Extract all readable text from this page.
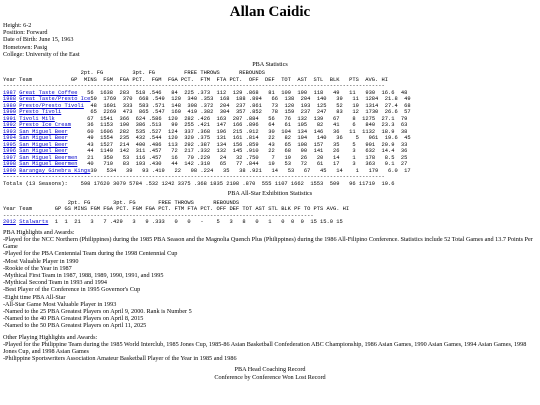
Allan Caidic
Height: 6-2
Position: Forward
Date of Birth: June 15, 1963
Hometown: Pasig
College: University of the East
PBA Statistics
2pt. FG         3pt. FG         FREE THROWS      REBOUNDS
Year Team            GP  MINS  FGM  FGA PCT.  FGM  FGA PCT.  FTM  FTA PCT.  OFF  DEF  TOT  AST  STL  BLK   PTS  AVG. HI
----------------------------------------------------------------------------------------------------------------------
1987 Great Taste Coffee   56  1638  283  518 .546   84  225 .373  112  129 .868   81  109  190  118   49   11   930  16.6  48
1988 Great Taste/Presto Ice59  1769  370  668 .549  120  340 .353  168  188 .894   66  138  204  140   39   11  1284  21.8  49
1989 Presto/Presto Tivoli  48  1601  333  583 .571  148  398 .372  204  237 .861   73  120  193  125   52   19  1314  27.4  68
1990 Presto Tivoli         65  2269  473  865 .547  160  419 .382  304  357 .852   78  159  237  247   83   12  1730  26.6  57
1991 Tivoli Milk          67  1541  366  624 .586  120  282 .426  163  207 .884   56   76  132  139   67    8  1275  27.1  79
1992 Presto Ice Cream     36  1153  190  386 .513   99  255 .421  147  166 .896   64   61  105   82   41    6   840  23.3  63
1993 San Miguel Beer      60  1606  282  535 .527  124  337 .368  196  215 .912   30  104  134  146   36   11  1132  18.9  38
1994 San Miguel Beer      49  1554  235  432 .544  120  320 .375  131  161 .814   22   82  104   140   36    5   961  19.6  45
1995 San Miguel Beer      43  1527  214  400 .486  113  292 .387  134  156 .859   43   65  108  157   35    5   901  20.9  33
1996 San Miguel Beer      44  1140  142  311 .457   72  217 .332  132  145 .910   22   68   90  141   26    3   632  14.4  36
1997 San Miguel Beermen   21   350   53  116 .457   16   70 .229   24   32 .750    7   19   26   20   14    1   178   8.5  25
1998 San Miguel Beermen   40   710   83  193 .430   44  142 .310   65   77 .844   19   53   72   61   17    3   363   9.1  27
1999 Barangay Ginebra Kings30   534   39   93 .419   22   98 .224   35   38 .921   14   53   67   45   14    1   179   6.0  17
----------------------------------------------------------------------------------------------------------------------
Totals (13 Seasons):    598 17620 3079 5784 .532 1242 3375 .368 1835 2108 .870  555 1107 1662  1553  509   96 11719  19.6
PBA All-Star Exhibition Statistics
2pt. FG       3pt. FG       FREE THROWS      REBOUNDS
Year Team       GP GS MINS FGM FGA PCT. FGM FGA PCT. FTM FTA PCT. OFF DEF TOT AST STL BLK PF TO PTS AVG. HI
------------------------------------------------------------------------------------------------
2012 Stalwarts  1  1  21   3   7 .429   3   9 .333   0   0   -    5   3   8   0   1   0  0  0  15 15.0 15
PBA Highlights and Awards:
-Played for the NCC Northern (Philippines) during the 1985 PBA Season and the Magnolia Quench Plus (Philippines) during the 1986 All-Filipino Conference. Statistics include 52 Total Games and 13.7 Points Per Game
-Played for the PBA Centennial Team during the 1998 Centennial Cup
-Most Valuable Player in 1990
-Rookie of the Year in 1987
-Mythical First Team in 1987, 1988, 1989, 1990, 1991, and 1995
-Mythical Second Team in 1993 and 1994
-Best Player of the Conference in 1995 Governor's Cup
-Eight time PBA All-Star
-All-Star Game Most Valuable Player in 1993
-Named to the 25 PBA Greatest Players on April 9, 2000. Rank is Number 5
-Named to the 40 PBA Greatest Players on April 8, 2015
-Named to the 50 PBA Greatest Players on April 11, 2025
Other Playing Highlights and Awards:
-Played for the Philippine Team during the 1985 World Interclub, 1985 Jones Cup, 1985-86 Asian Basketball Confederation ABC Championship, 1986 Asian Games, 1990 Asian Games, 1994 Asian Games, 1998 Jones Cup, and 1998 Asian Games
-Philippine Sportswriters Association Amateur Basketball Player of the Year in 1985 and 1986
PBA Head Coaching Record
Conference by Conference Won Lost Record
